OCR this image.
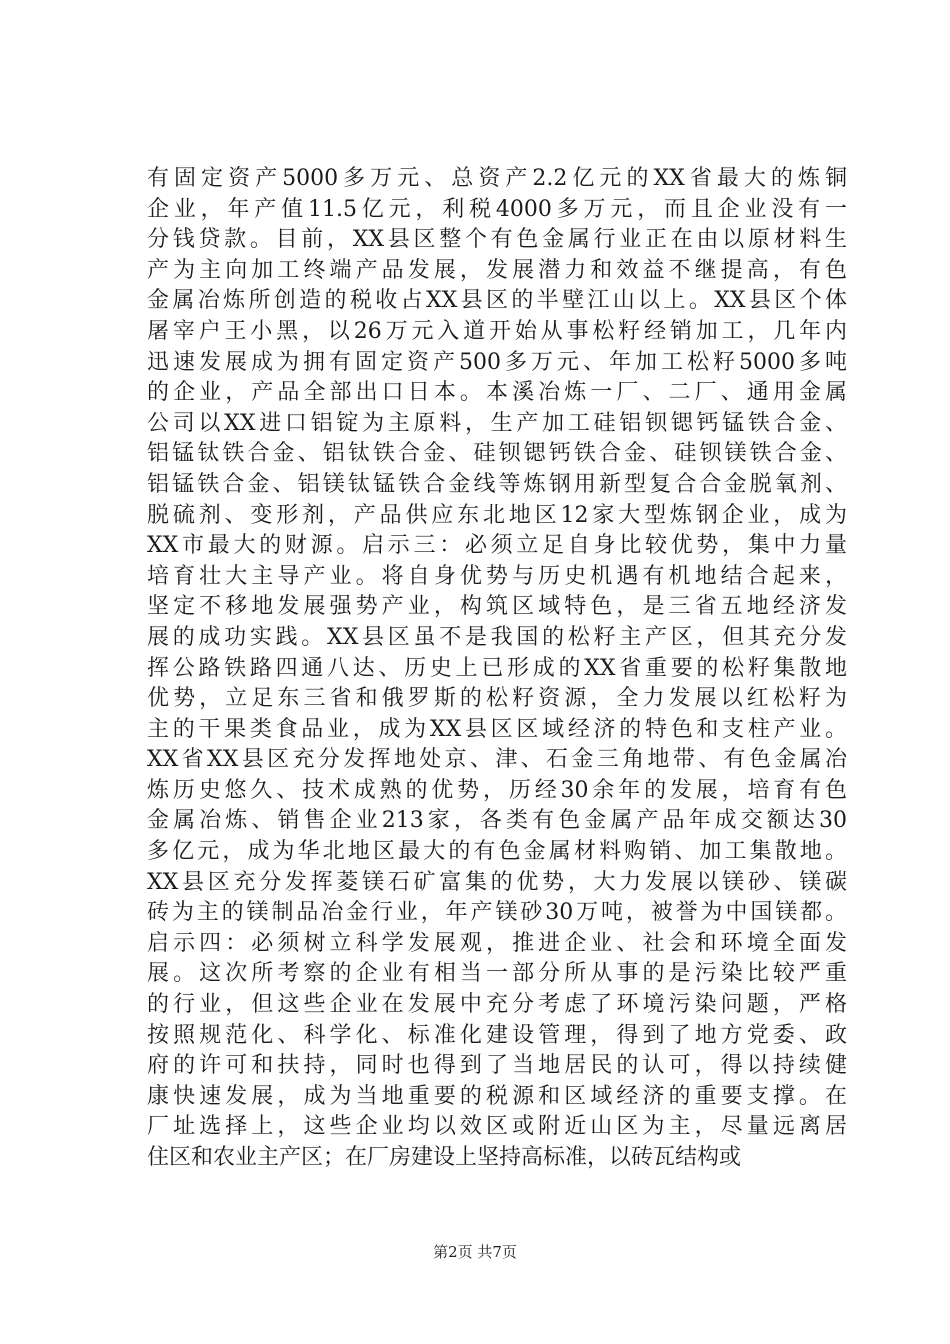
有固定资产5000多万元、总资产2.2亿元的XX省最大的炼铜
企业，年产值11.5亿元，利税4000多万元，而且企业没有一
分钱贷款。目前，XX县区整个有色金属行业正在由以原材料生
产为主向加工终端产品发展，发展潜力和效益不继提高，有色
金属冶炼所创造的税收占XX县区的半壁江山以上。XX县区个体
屠宰户王小黑，以26万元入道开始从事松籽经销加工，几年内
迅速发展成为拥有固定资产500多万元、年加工松籽5000多吨
的企业，产品全部出口日本。本溪冶炼一厂、二厂、通用金属
公司以XX进口铝锭为主原料，生产加工硅铝钡锶钙锰铁合金、
铝锰钛铁合金、铝钛铁合金、硅钡锶钙铁合金、硅钡镁铁合金、
铝锰铁合金、铝镁钛锰铁合金线等炼钢用新型复合合金脱氧剂、
脱硫剂、变形剂，产品供应东北地区12家大型炼钢企业，成为
XX市最大的财源。启示三：必须立足自身比较优势，集中力量
培育壮大主导产业。将自身优势与历史机遇有机地结合起来，
坚定不移地发展强势产业，构筑区域特色，是三省五地经济发
展的成功实践。XX县区虽不是我国的松籽主产区，但其充分发
挥公路铁路四通八达、历史上已形成的XX省重要的松籽集散地
优势，立足东三省和俄罗斯的松籽资源，全力发展以红松籽为
主的干果类食品业，成为XX县区区域经济的特色和支柱产业。
XX省XX县区充分发挥地处京、津、石金三角地带、有色金属冶
炼历史悠久、技术成熟的优势，历经30余年的发展，培育有色
金属冶炼、销售企业213家，各类有色金属产品年成交额达30
多亿元，成为华北地区最大的有色金属材料购销、加工集散地。
XX县区充分发挥菱镁石矿富集的优势，大力发展以镁砂、镁碳
砖为主的镁制品冶金行业，年产镁砂30万吨，被誉为中国镁都。
启示四：必须树立科学发展观，推进企业、社会和环境全面发
展。这次所考察的企业有相当一部分所从事的是污染比较严重
的行业，但这些企业在发展中充分考虑了环境污染问题，严格
按照规范化、科学化、标准化建设管理，得到了地方党委、政
府的许可和扶持，同时也得到了当地居民的认可，得以持续健
康快速发展，成为当地重要的税源和区域经济的重要支撑。在
厂址选择上，这些企业均以效区或附近山区为主，尽量远离居
住区和农业主产区；在厂房建设上坚持高标准，以砖瓦结构或
第2页 共7页
